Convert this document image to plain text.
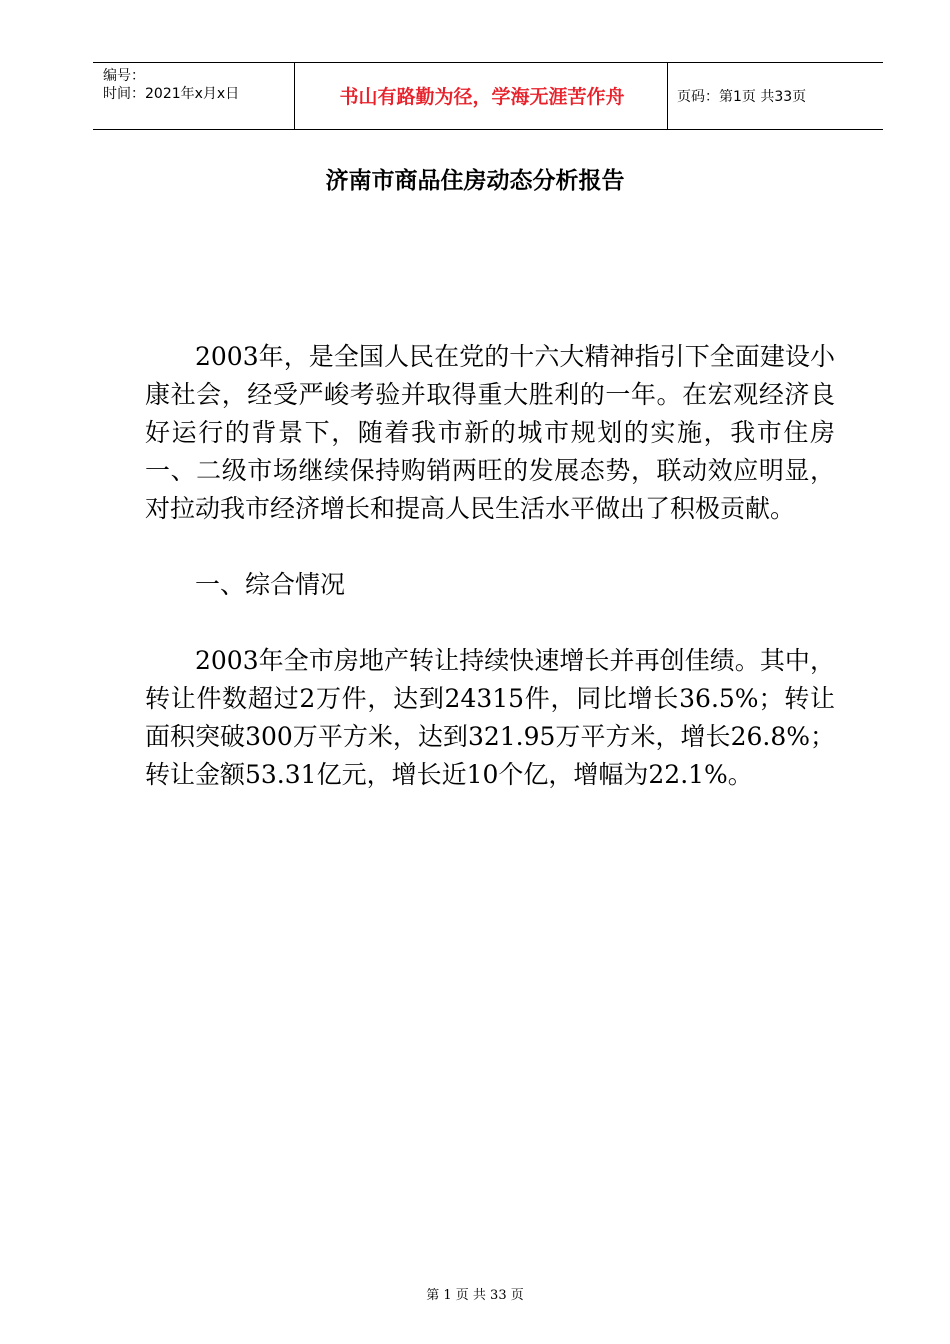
编号：
时间：2021年x月x日	书山有路勤为径，学海无涯苦作舟	页码：第1页 共33页
济南市商品住房动态分析报告

2003年，是全国人民在党的十六大精神指引下全面建设小康社会，经受严峻考验并取得重大胜利的一年。在宏观经济良好运行的背景下，随着我市新的城市规划的实施，我市住房一、二级市场继续保持购销两旺的发展态势，联动效应明显，对拉动我市经济增长和提高人民生活水平做出了积极贡献。

一、综合情况

2003年全市房地产转让持续快速增长并再创佳绩。其中，转让件数超过2万件，达到24315件，同比增长36.5%；转让面积突破300万平方米，达到321.95万平方米，增长26.8%；转让金额53.31亿元，增长近10个亿，增幅为22.1%。

第 1 页 共 33 页
